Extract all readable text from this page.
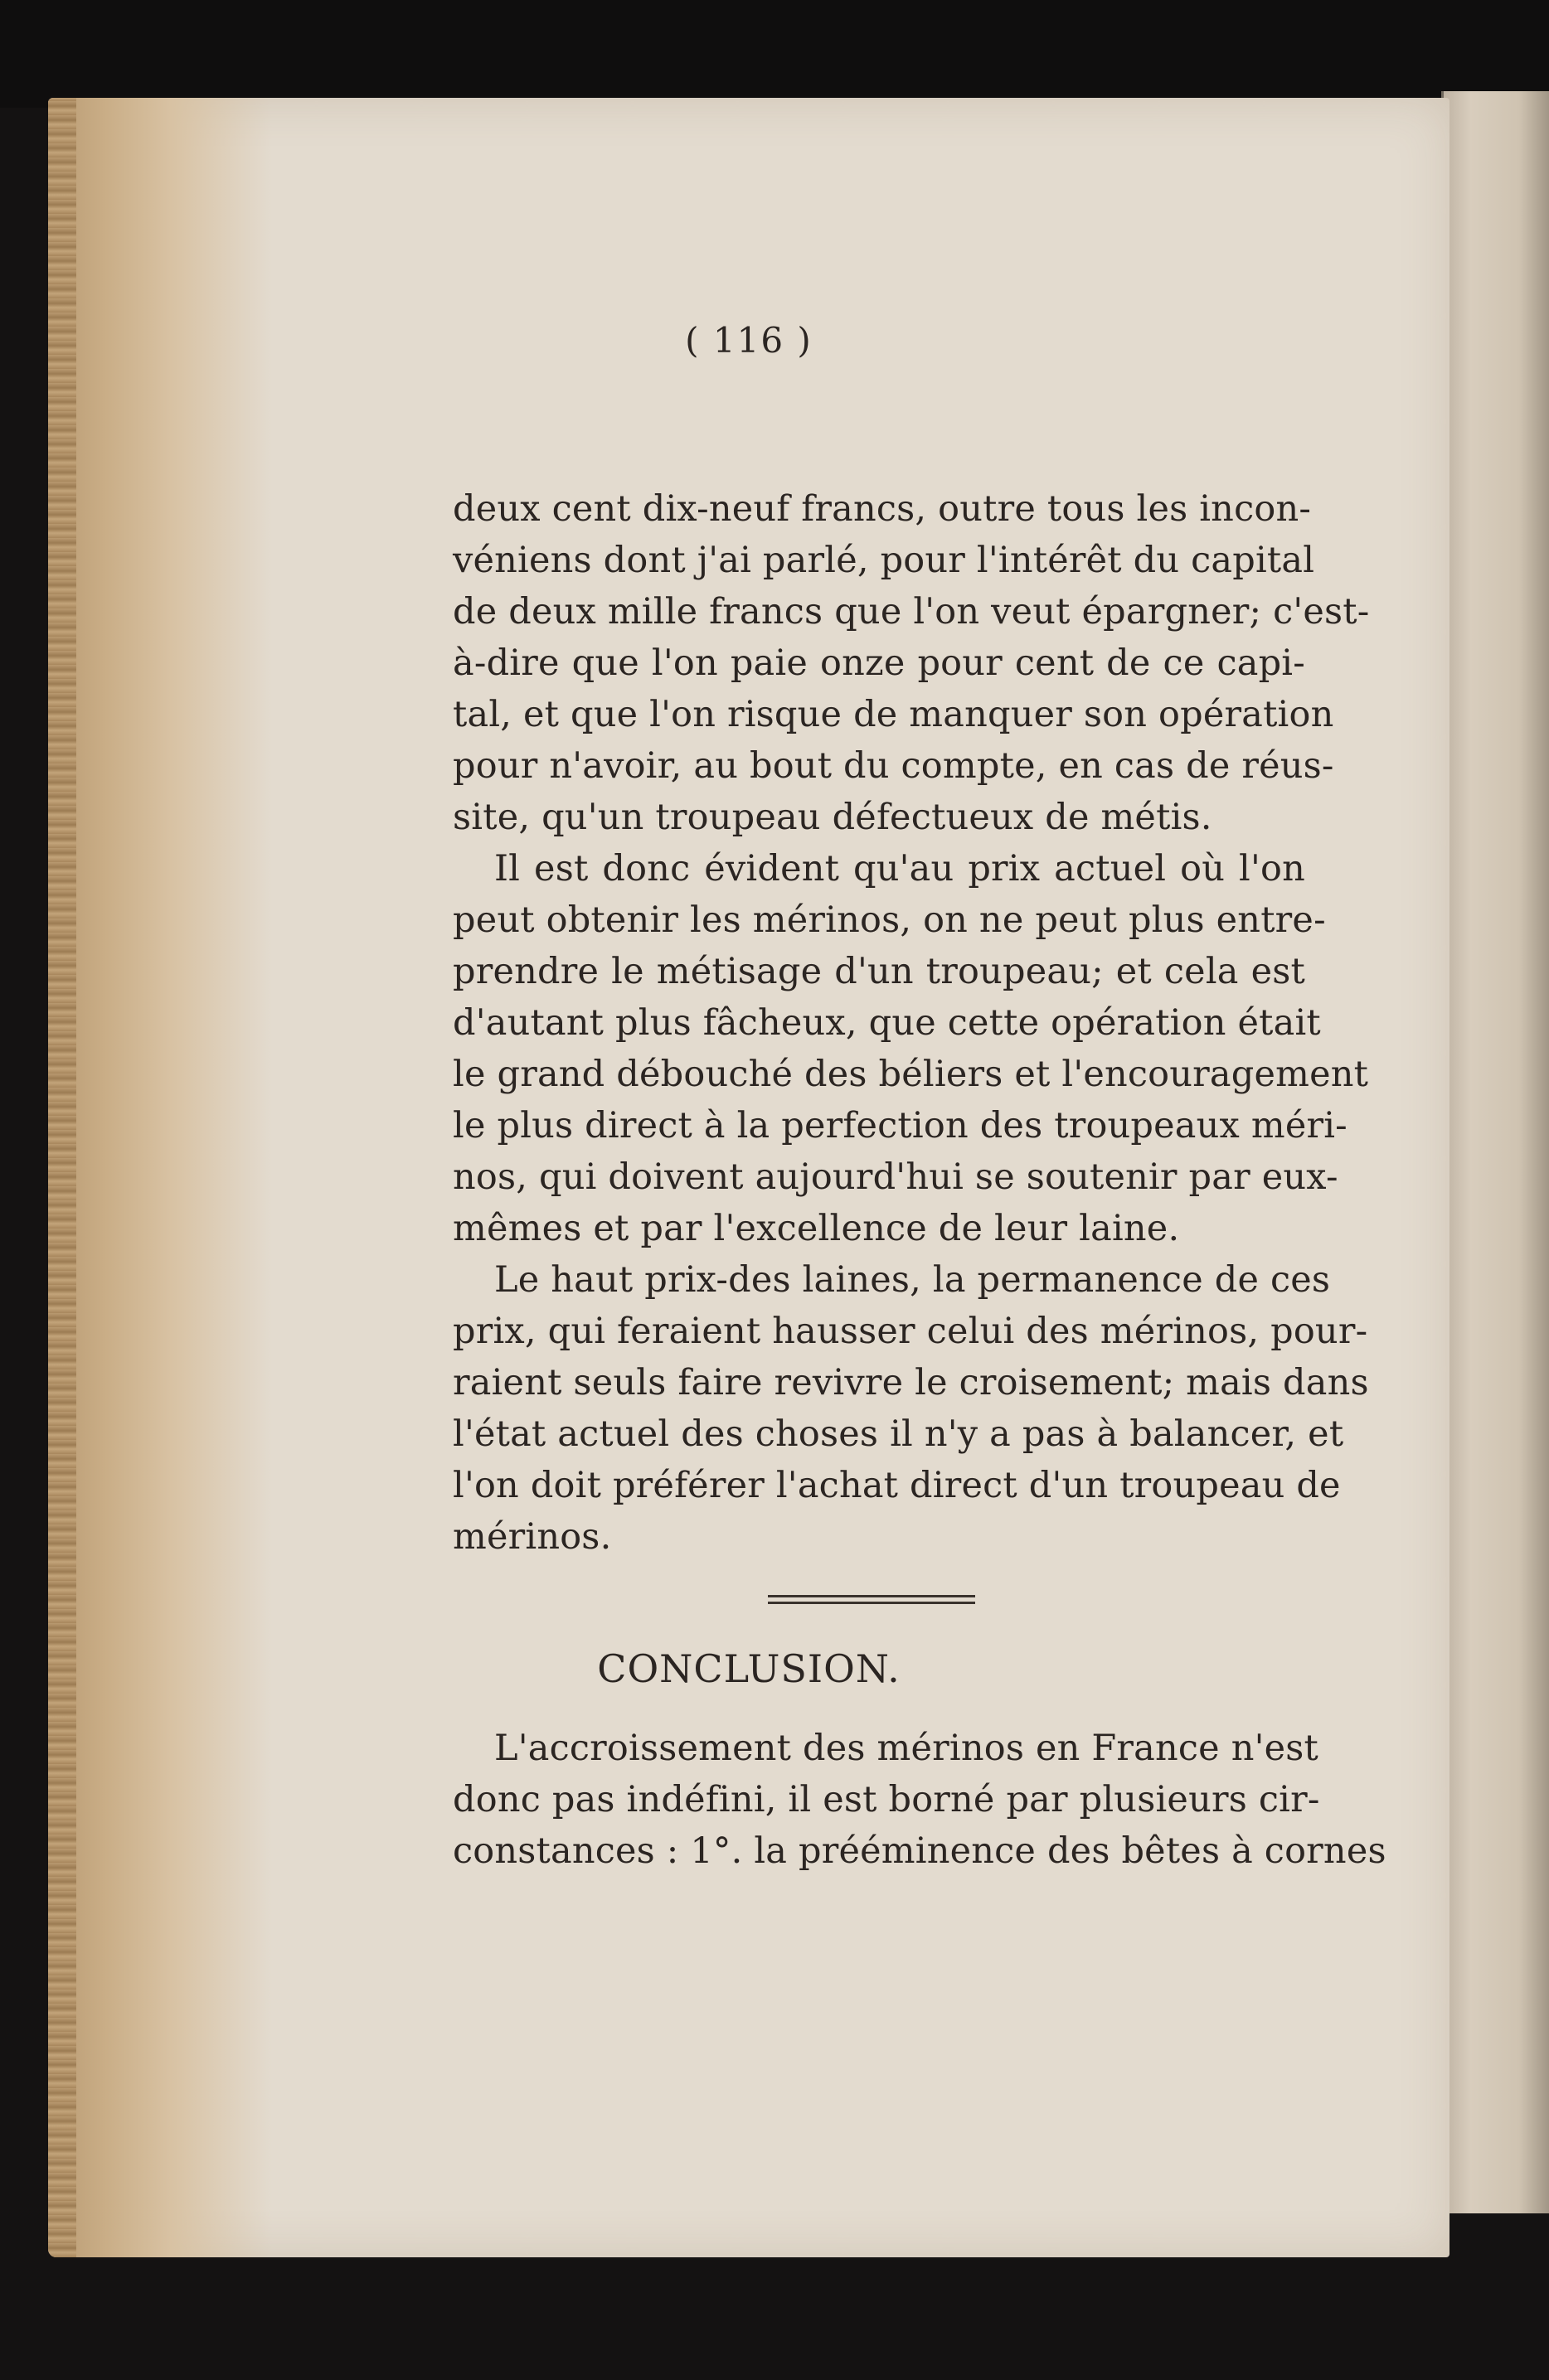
( 116 )
deux cent dix-neuf francs, outre tous les incon-
véniens dont j'ai parlé, pour l'intérêt du capital
de deux mille francs que l'on veut épargner; c'est-
à-dire que l'on paie onze pour cent de ce capi-
tal, et que l'on risque de manquer son opération
pour n'avoir, au bout du compte, en cas de réus-
site, qu'un troupeau défectueux de métis.
Il est donc évident qu'au prix actuel où l'on
peut obtenir les mérinos, on ne peut plus entre-
prendre le métisage d'un troupeau; et cela est
d'autant plus fâcheux, que cette opération était
le grand débouché des béliers et l'encouragement
le plus direct à la perfection des troupeaux méri-
nos, qui doivent aujourd'hui se soutenir par eux-
mêmes et par l'excellence de leur laine.
Le haut prix-des laines, la permanence de ces
prix, qui feraient hausser celui des mérinos, pour-
raient seuls faire revivre le croisement; mais dans
l'état actuel des choses il n'y a pas à balancer, et
l'on doit préférer l'achat direct d'un troupeau de
mérinos.
CONCLUSION.
L'accroissement des mérinos en France n'est
donc pas indéfini, il est borné par plusieurs cir-
constances : 1°. la prééminence des bêtes à cornes
